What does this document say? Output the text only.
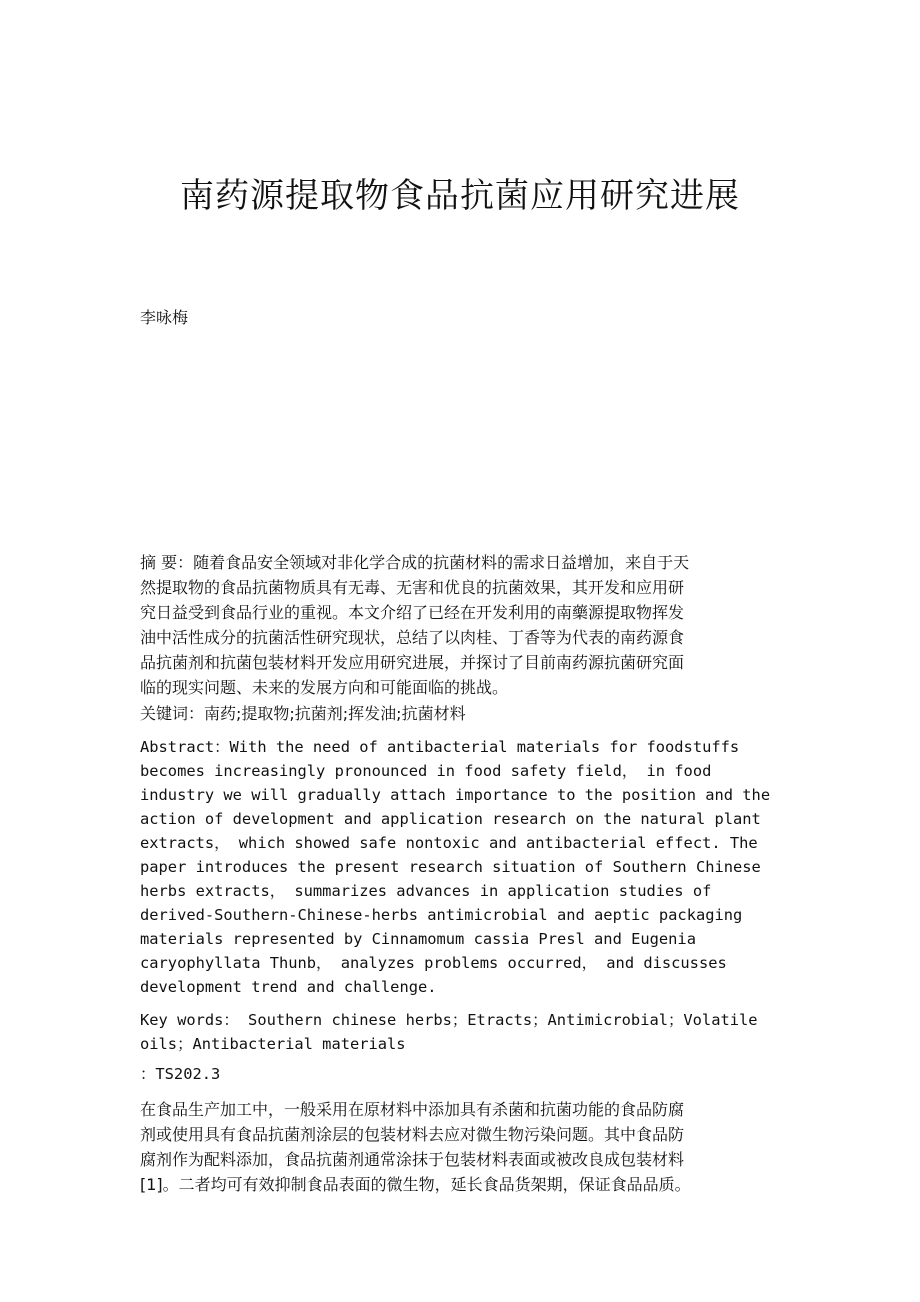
南药源提取物食品抗菌应用研究进展
李咏梅
摘 要：随着食品安全领域对非化学合成的抗菌材料的需求日益增加，来自于天
然提取物的食品抗菌物质具有无毒、无害和优良的抗菌效果，其开发和应用研
究日益受到食品行业的重视。本文介绍了已经在开发利用的南藥源提取物挥发
油中活性成分的抗菌活性研究现状，总结了以肉桂、丁香等为代表的南药源食
品抗菌剂和抗菌包装材料开发应用研究进展，并探讨了目前南药源抗菌研究面
临的现实问题、未来的发展方向和可能面临的挑战。
关键词：南药;提取物;抗菌剂;挥发油;抗菌材料
Abstract：With the need of antibacterial materials for foodstuffs
becomes increasingly pronounced in food safety field， in food
industry we will gradually attach importance to the position and the
action of development and application research on the natural plant
extracts， which showed safe nontoxic and antibacterial effect. The
paper introduces the present research situation of Southern Chinese
herbs extracts， summarizes advances in application studies of
derived-Southern-Chinese-herbs antimicrobial and aeptic packaging
materials represented by Cinnamomum cassia Presl and Eugenia
caryophyllata Thunb， analyzes problems occurred， and discusses
development trend and challenge.
Key words： Southern chinese herbs；Etracts；Antimicrobial；Volatile
oils；Antibacterial materials
：TS202.3
在食品生产加工中，一般采用在原材料中添加具有杀菌和抗菌功能的食品防腐
剂或使用具有食品抗菌剂涂层的包装材料去应对微生物污染问题。其中食品防
腐剂作为配料添加，食品抗菌剂通常涂抹于包装材料表面或被改良成包装材料
[1]。二者均可有效抑制食品表面的微生物，延长食品货架期，保证食品品质。
